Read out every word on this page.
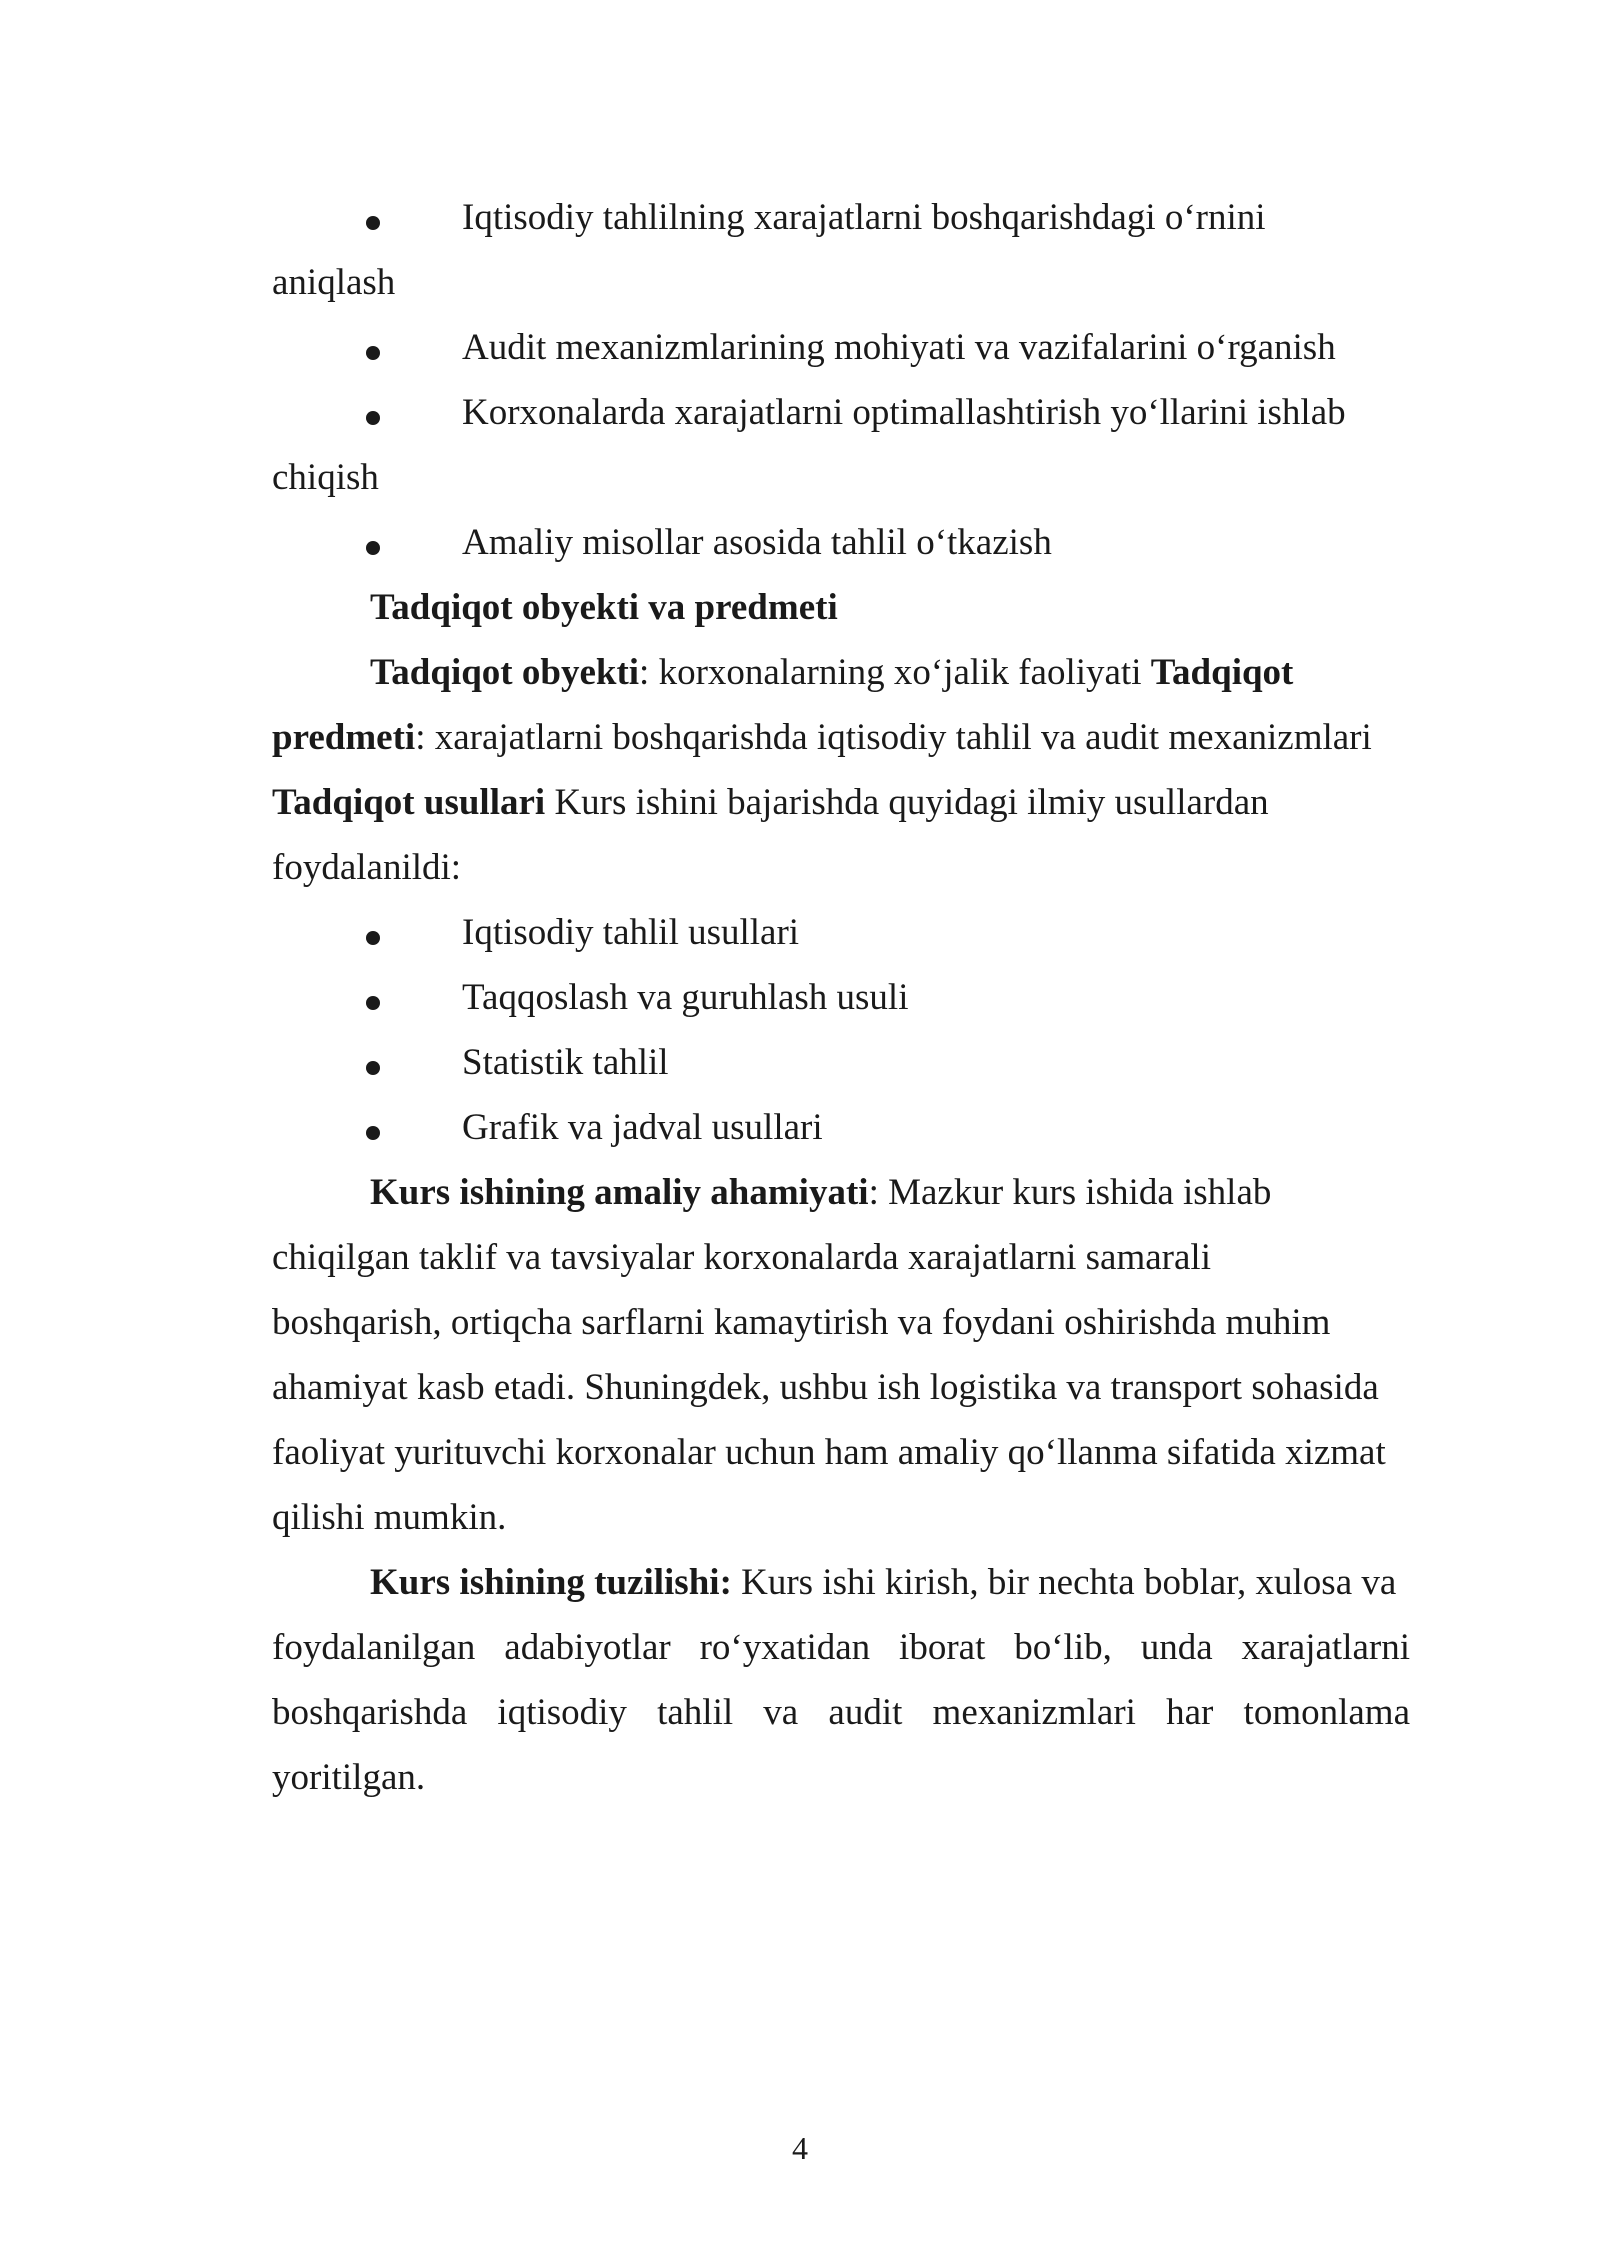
Iqtisodiy tahlilning xarajatlarni boshqarishdagi o‘rnini
aniqlash
Audit mexanizmlarining mohiyati va vazifalarini o‘rganish
Korxonalarda xarajatlarni optimallashtirish yo‘llarini ishlab
chiqish
Amaliy misollar asosida tahlil o‘tkazish
Tadqiqot obyekti va predmeti
Tadqiqot obyekti: korxonalarning xo‘jalik faoliyati Tadqiqot
predmeti: xarajatlarni boshqarishda iqtisodiy tahlil va audit mexanizmlari
Tadqiqot usullari Kurs ishini bajarishda quyidagi ilmiy usullardan
foydalanildi:
Iqtisodiy tahlil usullari
Taqqoslash va guruhlash usuli
Statistik tahlil
Grafik va jadval usullari
Kurs ishining amaliy ahamiyati: Mazkur kurs ishida ishlab
chiqilgan taklif va tavsiyalar korxonalarda xarajatlarni samarali
boshqarish, ortiqcha sarflarni kamaytirish va foydani oshirishda muhim
ahamiyat kasb etadi. Shuningdek, ushbu ish logistika va transport sohasida
faoliyat yurituvchi korxonalar uchun ham amaliy qo‘llanma sifatida xizmat
qilishi mumkin.
Kurs ishining tuzilishi: Kurs ishi kirish, bir nechta boblar, xulosa va
foydalanilgan adabiyotlar ro‘yxatidan iborat bo‘lib, unda xarajatlarni
boshqarishda iqtisodiy tahlil va audit mexanizmlari har tomonlama
yoritilgan.
4
